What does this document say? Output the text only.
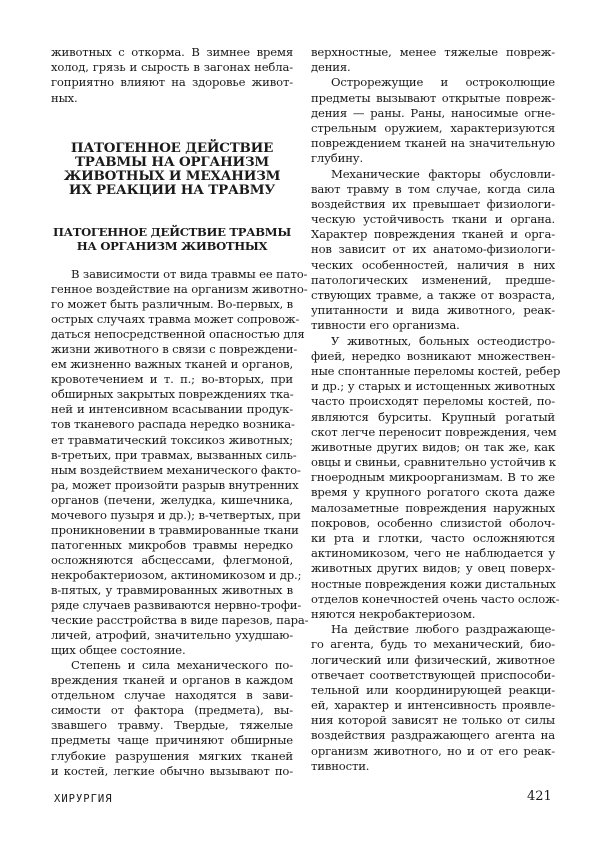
животных с откорма. В зимнее время
холод, грязь и сырость в загонах небла-
гоприятно влияют на здоровье живот-
ных.
ПАТОГЕННОЕ ДЕЙСТВИЕ
ТРАВМЫ НА ОРГАНИЗМ
ЖИВОТНЫХ И МЕХАНИЗМ
ИХ РЕАКЦИИ НА ТРАВМУ
ПАТОГЕННОЕ ДЕЙСТВИЕ ТРАВМЫ
НА ОРГАНИЗМ ЖИВОТНЫХ
В зависимости от вида травмы ее пато-
генное воздействие на организм животно-
го может быть различным. Во-первых, в
острых случаях травма может сопровож-
даться непосредственной опасностью для
жизни животного в связи с повреждени-
ем жизненно важных тканей и органов,
кровотечением и т. п.; во-вторых, при
обширных закрытых повреждениях тка-
ней и интенсивном всасывании продук-
тов тканевого распада нередко возника-
ет травматический токсикоз животных;
в-третьих, при травмах, вызванных силь-
ным воздействием механического факто-
ра, может произойти разрыв внутренних
органов (печени, желудка, кишечника,
мочевого пузыря и др.); в-четвертых, при
проникновении в травмированные ткани
патогенных микробов травмы нередко
осложняются абсцессами, флегмоной,
некробактериозом, актиномикозом и др.;
в-пятых, у травмированных животных в
ряде случаев развиваются нервно-трофи-
ческие расстройства в виде парезов, пара-
личей, атрофий, значительно ухудшаю-
щих общее состояние.
Степень и сила механического по-
вреждения тканей и органов в каждом
отдельном случае находятся в зави-
симости от фактора (предмета), вы-
звавшего травму. Твердые, тяжелые
предметы чаще причиняют обширные
глубокие разрушения мягких тканей
и костей, легкие обычно вызывают по-
верхностные, менее тяжелые повреж-
дения.
Острорежущие и остроколющие
предметы вызывают открытые повреж-
дения — раны. Раны, наносимые огне-
стрельным оружием, характеризуются
повреждением тканей на значительную
глубину.
Механические факторы обусловли-
вают травму в том случае, когда сила
воздействия их превышает физиологи-
ческую устойчивость ткани и органа.
Характер повреждения тканей и орга-
нов зависит от их анатомо-физиологи-
ческих особенностей, наличия в них
патологических изменений, предше-
ствующих травме, а также от возраста,
упитанности и вида животного, реак-
тивности его организма.
У животных, больных остеодистро-
фией, нередко возникают множествен-
ные спонтанные переломы костей, ребер
и др.; у старых и истощенных животных
часто происходят переломы костей, по-
являются бурситы. Крупный рогатый
скот легче переносит повреждения, чем
животные других видов; он так же, как
овцы и свиньи, сравнительно устойчив к
гноеродным микроорганизмам. В то же
время у крупного рогатого скота даже
малозаметные повреждения наружных
покровов, особенно слизистой оболоч-
ки рта и глотки, часто осложняются
актиномикозом, чего не наблюдается у
животных других видов; у овец поверх-
ностные повреждения кожи дистальных
отделов конечностей очень часто ослож-
няются некробактериозом.
На действие любого раздражающе-
го агента, будь то механический, био-
логический или физический, животное
отвечает соответствующей приспособи-
тельной или координирующей реакци-
ей, характер и интенсивность проявле-
ния которой зависят не только от силы
воздействия раздражающего агента на
организм животного, но и от его реак-
тивности.
ХИРУРГИЯ	421
